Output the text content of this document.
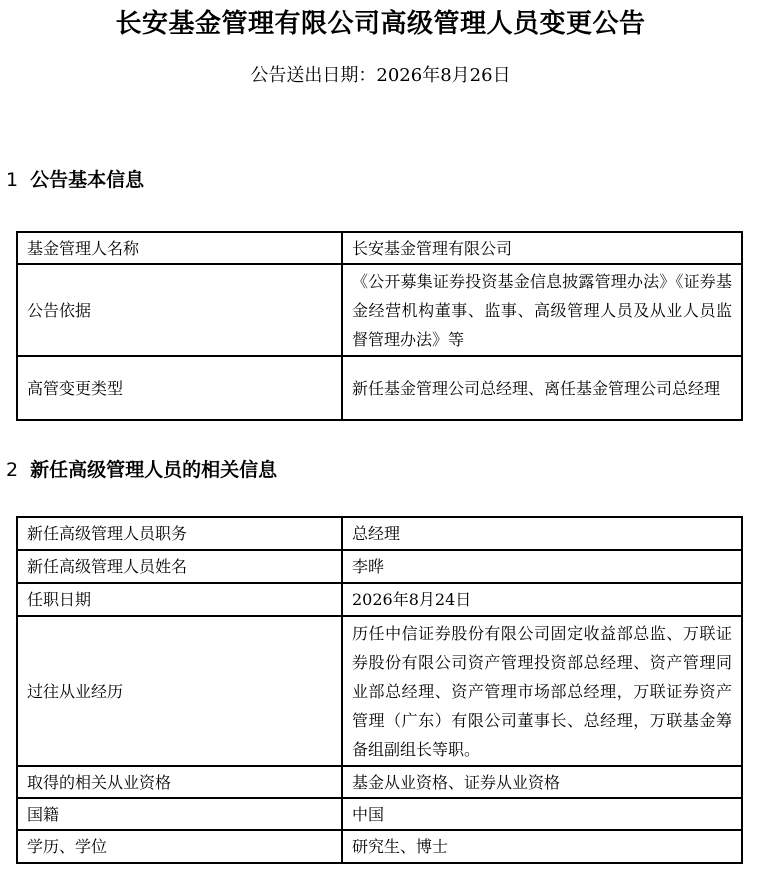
长安基金管理有限公司高级管理人员变更公告
公告送出日期：2026年8月26日
1 公告基本信息
基金管理人名称	长安基金管理有限公司
公告依据	《公开募集证券投资基金信息披露管理办法》《证券基金经营机构董事、监事、高级管理人员及从业人员监督管理办法》等
高管变更类型	新任基金管理公司总经理、离任基金管理公司总经理
2 新任高级管理人员的相关信息
新任高级管理人员职务	总经理
新任高级管理人员姓名	李晔
任职日期	2026年8月24日
过往从业经历	历任中信证券股份有限公司固定收益部总监、万联证券股份有限公司资产管理投资部总经理、资产管理同业部总经理、资产管理市场部总经理，万联证券资产管理（广东）有限公司董事长、总经理，万联基金筹备组副组长等职。
取得的相关从业资格	基金从业资格、证券从业资格
国籍	中国
学历、学位	研究生、博士
